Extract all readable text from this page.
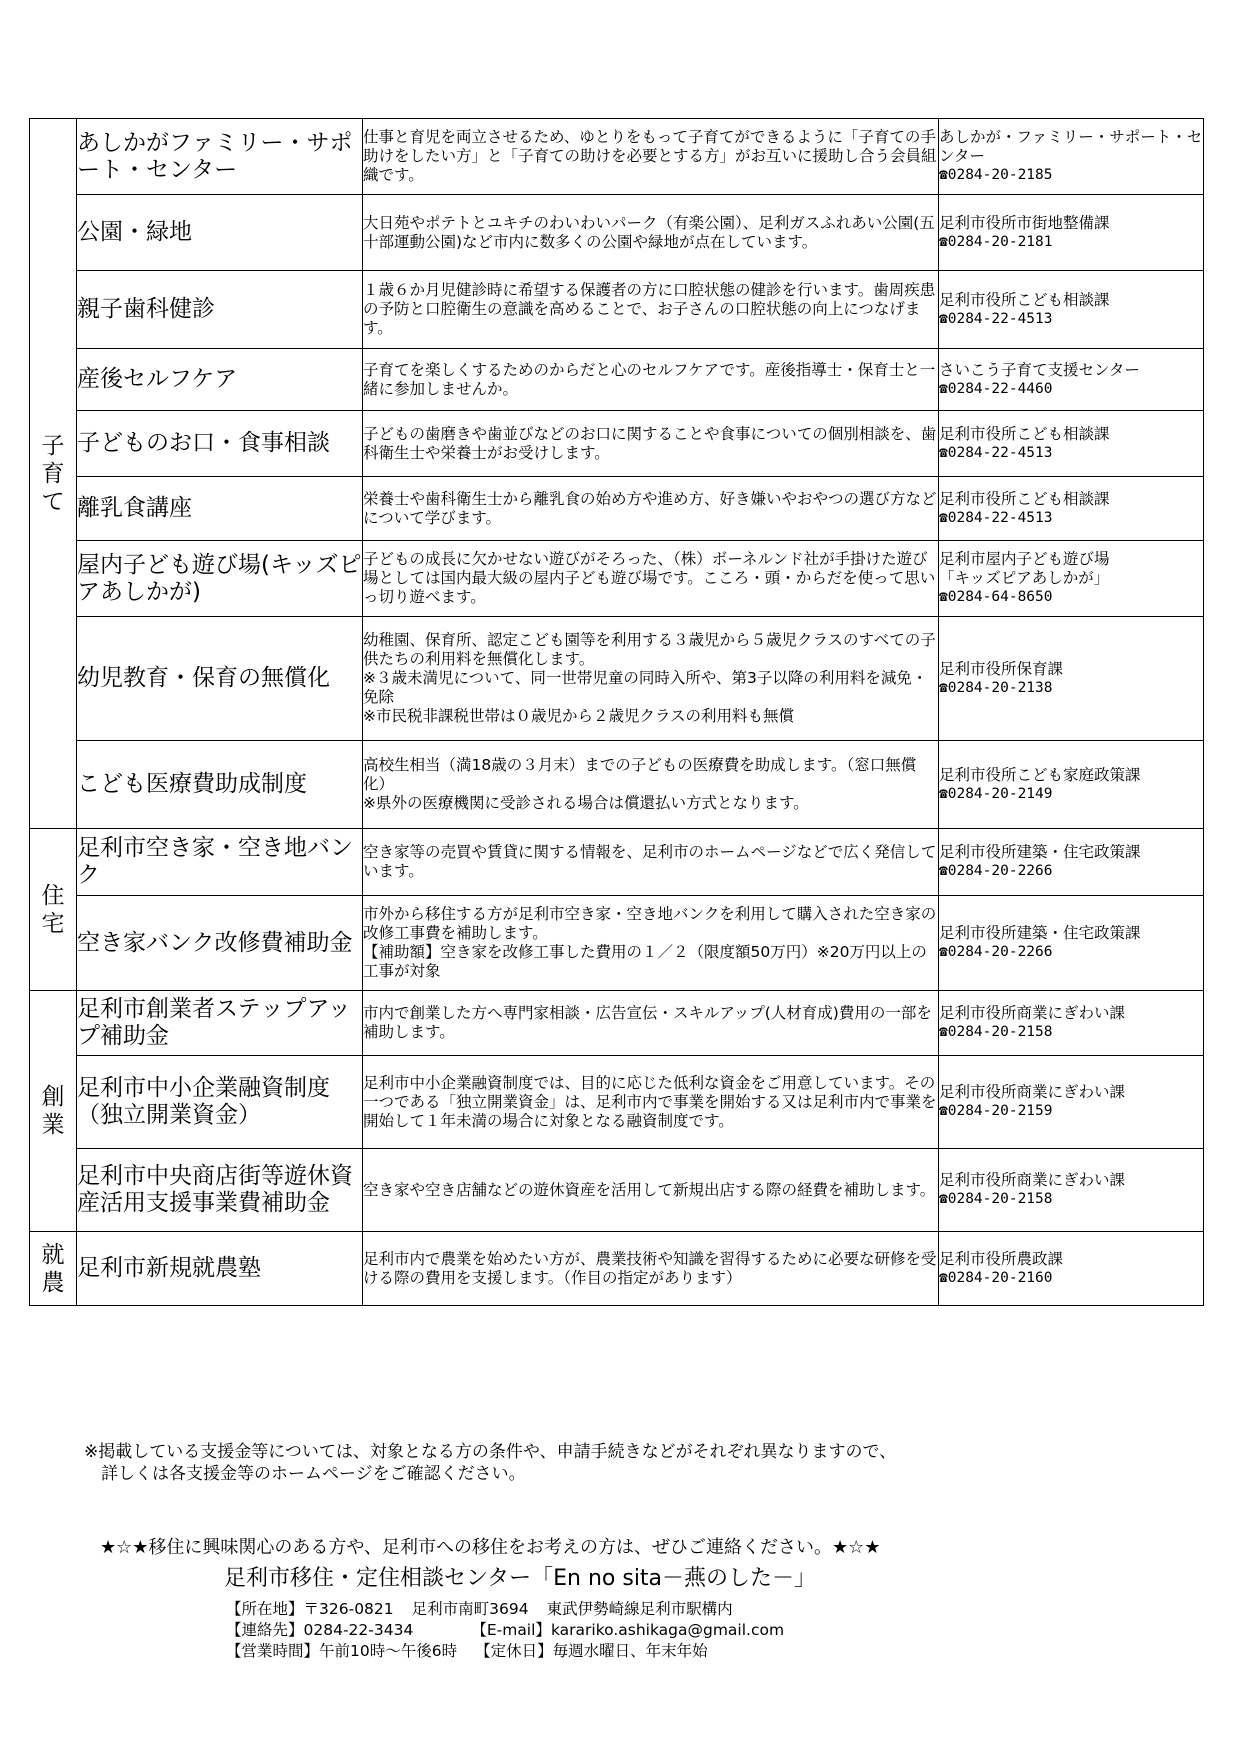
子育て	あしかがファミリー・サポート・センター	仕事と育児を両立させるため、ゆとりをもって子育てができるように「子育ての手助けをしたい方」と「子育ての助けを必要とする方」がお互いに援助し合う会員組織です。	あしかが・ファミリー・サポート・センター
☎0284-20-2185

	公園・緑地	大日苑やポテトとユキチのわいわいパーク（有楽公園）、足利ガスふれあい公園(五十部運動公園)など市内に数多くの公園や緑地が点在しています。	足利市役所市街地整備課
☎0284-20-2181

	親子歯科健診	１歳６か月児健診時に希望する保護者の方に口腔状態の健診を行います。歯周疾患の予防と口腔衛生の意識を高めることで、お子さんの口腔状態の向上につなげます。	足利市役所こども相談課
☎0284-22-4513

	産後セルフケア	子育てを楽しくするためのからだと心のセルフケアです。産後指導士・保育士と一緒に参加しませんか。	さいこう子育て支援センター
☎0284-22-4460

	子どものお口・食事相談	子どもの歯磨きや歯並びなどのお口に関することや食事についての個別相談を、歯科衛生士や栄養士がお受けします。	足利市役所こども相談課
☎0284-22-4513

	離乳食講座	栄養士や歯科衛生士から離乳食の始め方や進め方、好き嫌いやおやつの選び方などについて学びます。	足利市役所こども相談課
☎0284-22-4513

	屋内子ども遊び場(キッズピアあしかが)	子どもの成長に欠かせない遊びがそろった、（株）ボーネルンド社が手掛けた遊び場としては国内最大級の屋内子ども遊び場です。こころ・頭・からだを使って思いっ切り遊べます。	足利市屋内子ども遊び場
「キッズピアあしかが」
☎0284-64-8650

	幼児教育・保育の無償化	幼稚園、保育所、認定こども園等を利用する３歳児から５歳児クラスのすべての子供たちの利用料を無償化します。
※３歳未満児について、同一世帯児童の同時入所や、第3子以降の利用料を減免・免除
※市民税非課税世帯は０歳児から２歳児クラスの利用料も無償	足利市役所保育課
☎0284-20-2138

	こども医療費助成制度	高校生相当（満18歳の３月末）までの子どもの医療費を助成します。（窓口無償化）
※県外の医療機関に受診される場合は償還払い方式となります。	足利市役所こども家庭政策課
☎0284-20-2149

住宅	足利市空き家・空き地バンク	空き家等の売買や賃貸に関する情報を、足利市のホームページなどで広く発信しています。	足利市役所建築・住宅政策課
☎0284-20-2266

	空き家バンク改修費補助金	市外から移住する方が足利市空き家・空き地バンクを利用して購入された空き家の改修工事費を補助します。
【補助額】空き家を改修工事した費用の１／２（限度額50万円）※20万円以上の工事が対象	足利市役所建築・住宅政策課
☎0284-20-2266

創業	足利市創業者ステップアップ補助金	市内で創業した方へ専門家相談・広告宣伝・スキルアップ(人材育成)費用の一部を補助します。	足利市役所商業にぎわい課
☎0284-20-2158

	足利市中小企業融資制度（独立開業資金）	足利市中小企業融資制度では、目的に応じた低利な資金をご用意しています。その一つである「独立開業資金」は、足利市内で事業を開始する又は足利市内で事業を開始して１年未満の場合に対象となる融資制度です。	足利市役所商業にぎわい課
☎0284-20-2159

	足利市中央商店街等遊休資産活用支援事業費補助金	空き家や空き店舗などの遊休資産を活用して新規出店する際の経費を補助します。	足利市役所商業にぎわい課
☎0284-20-2158

就農	足利市新規就農塾	足利市内で農業を始めたい方が、農業技術や知識を習得するために必要な研修を受ける際の費用を支援します。（作目の指定があります）	足利市役所農政課
☎0284-20-2160
※掲載している支援金等については、対象となる方の条件や、申請手続きなどがそれぞれ異なりますので、
　詳しくは各支援金等のホームページをご確認ください。
★☆★移住に興味関心のある方や、足利市への移住をお考えの方は、ぜひご連絡ください。★☆★
足利市移住・定住相談センター「En no sita－燕のした－」
【所在地】〒326-0821 足利市南町3694 東武伊勢崎線足利市駅構内
【連絡先】0284-22-3434	【E-mail】karariko.ashikaga@gmail.com
【営業時間】午前10時～午後6時 【定休日】毎週水曜日、年末年始
